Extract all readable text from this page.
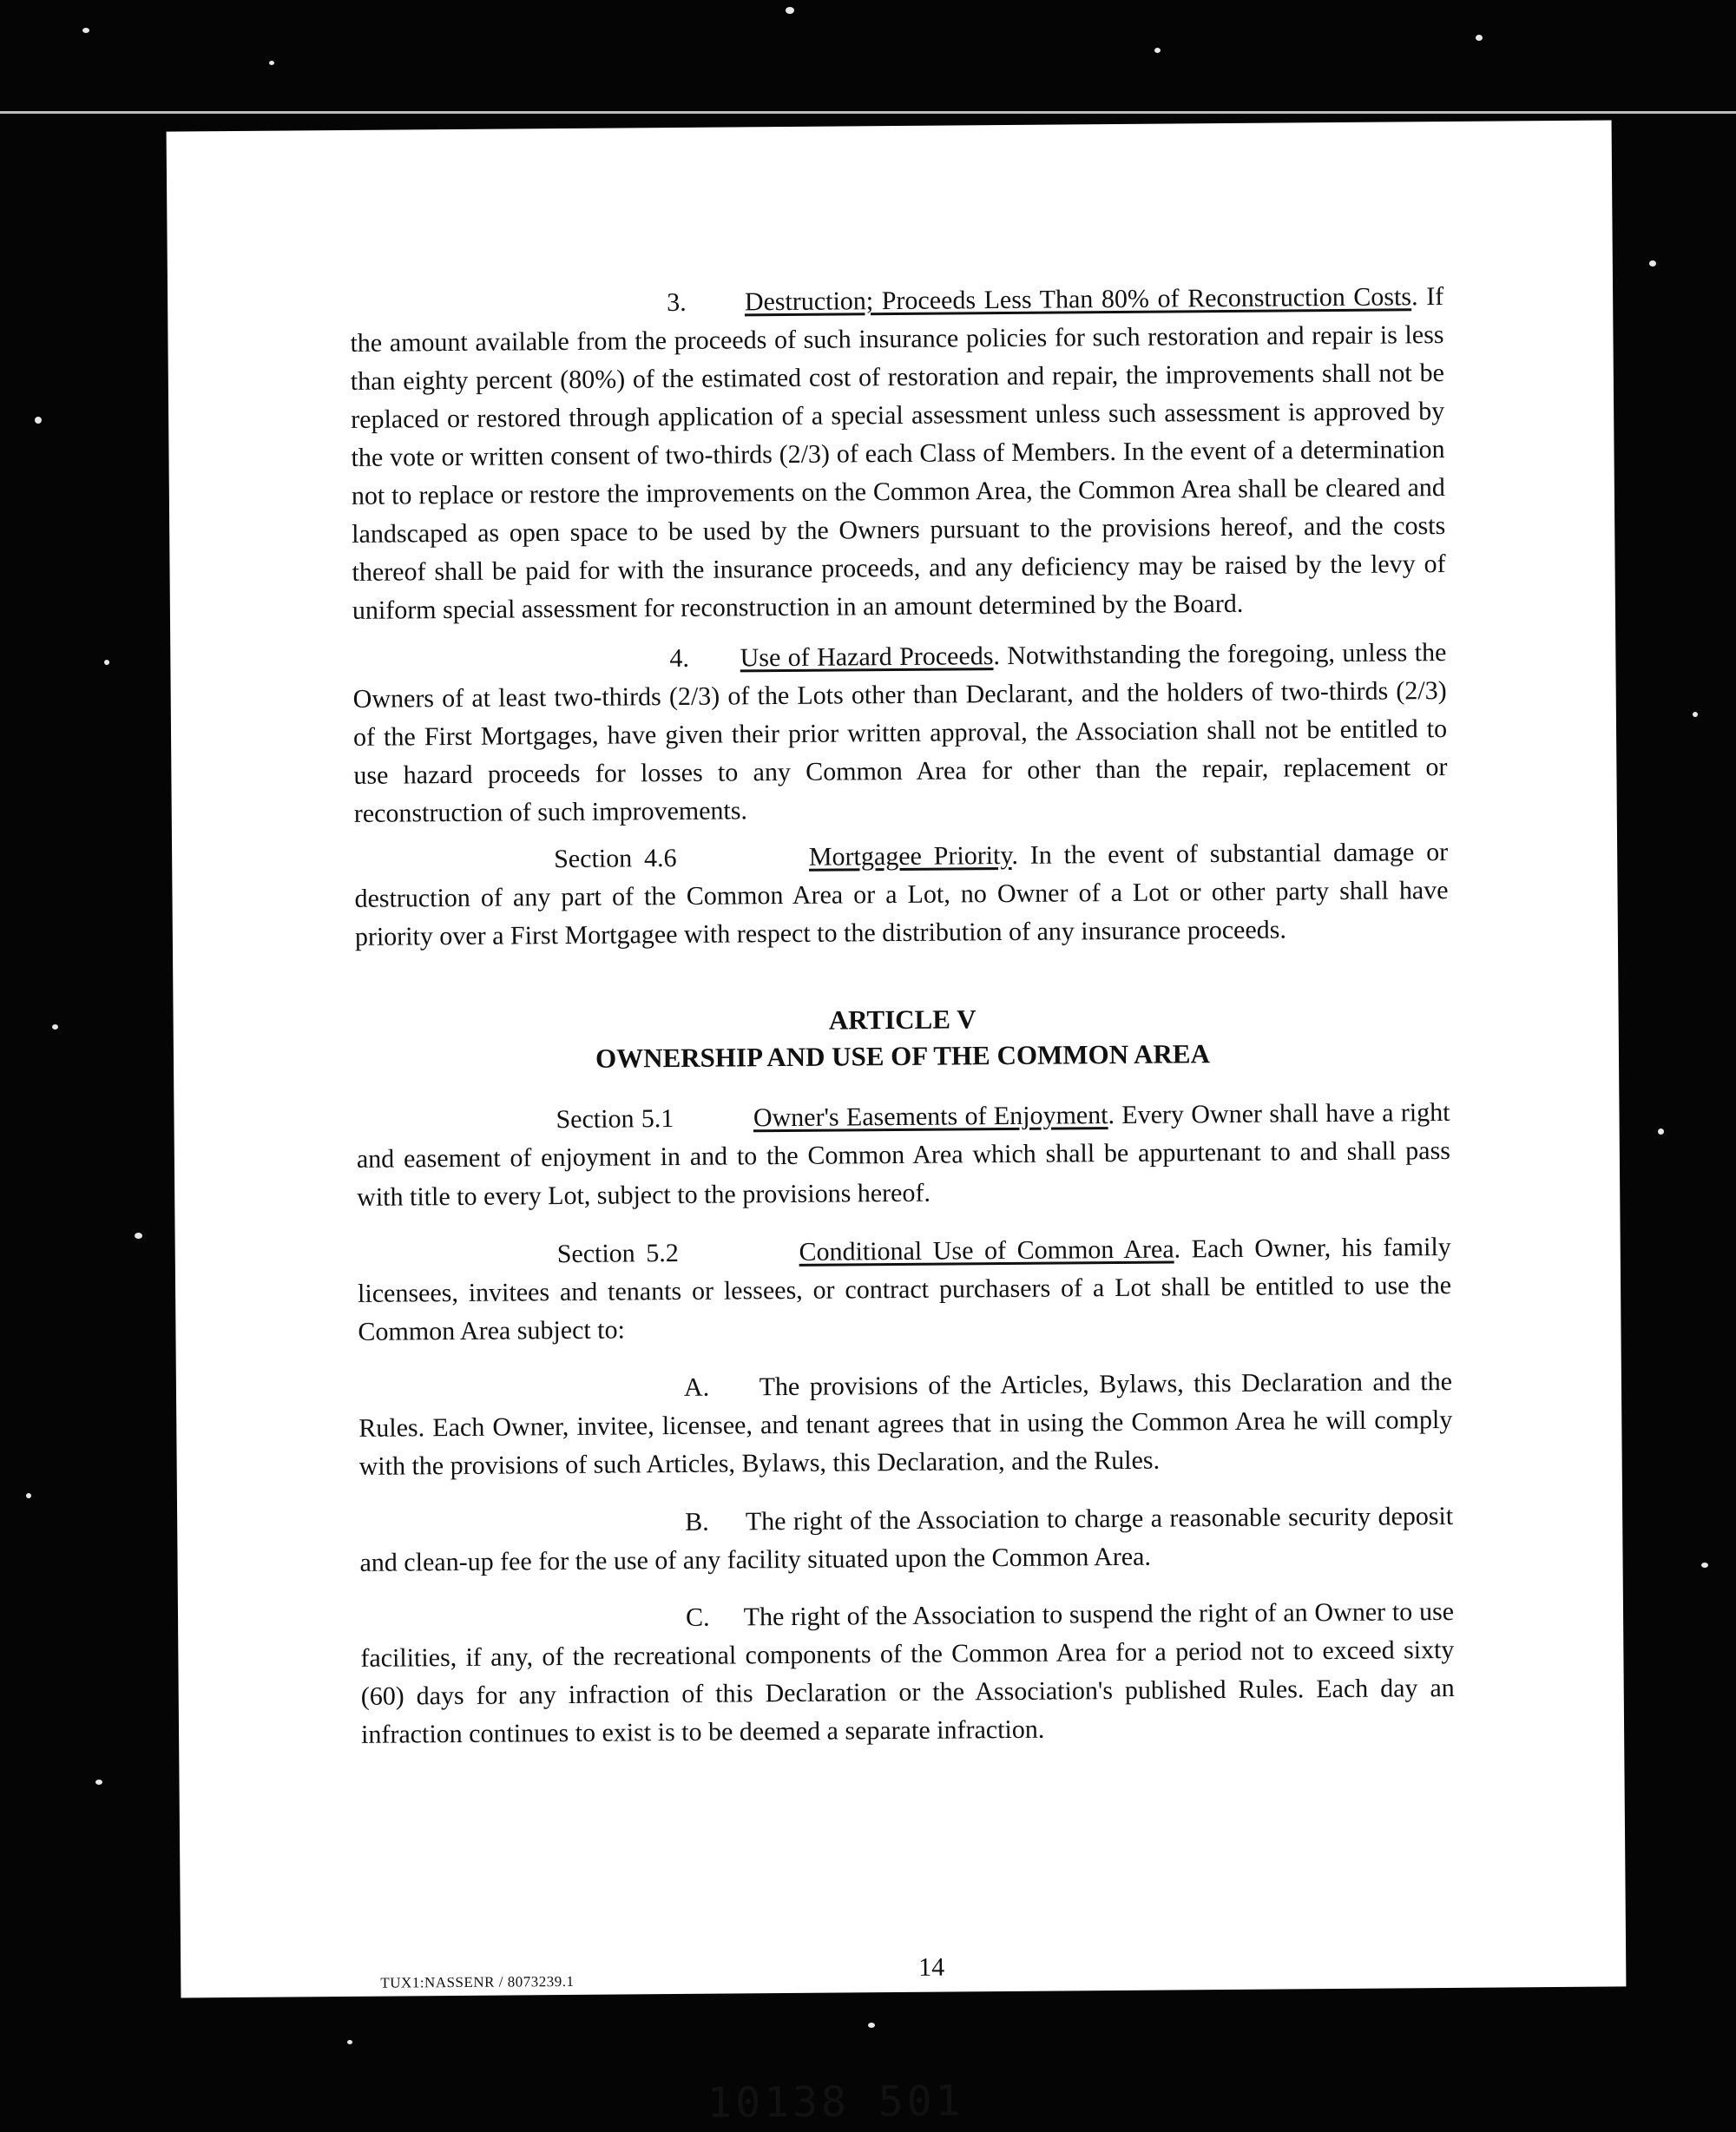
3. Destruction; Proceeds Less Than 80% of Reconstruction Costs. If the amount available from the proceeds of such insurance policies for such restoration and repair is less than eighty percent (80%) of the estimated cost of restoration and repair, the improvements shall not be replaced or restored through application of a special assessment unless such assessment is approved by the vote or written consent of two-thirds (2/3) of each Class of Members. In the event of a determination not to replace or restore the improvements on the Common Area, the Common Area shall be cleared and landscaped as open space to be used by the Owners pursuant to the provisions hereof, and the costs thereof shall be paid for with the insurance proceeds, and any deficiency may be raised by the levy of uniform special assessment for reconstruction in an amount determined by the Board.

4. Use of Hazard Proceeds. Notwithstanding the foregoing, unless the Owners of at least two-thirds (2/3) of the Lots other than Declarant, and the holders of two-thirds (2/3) of the First Mortgages, have given their prior written approval, the Association shall not be entitled to use hazard proceeds for losses to any Common Area for other than the repair, replacement or reconstruction of such improvements.

Section 4.6	Mortgagee Priority. In the event of substantial damage or destruction of any part of the Common Area or a Lot, no Owner of a Lot or other party shall have priority over a First Mortgagee with respect to the distribution of any insurance proceeds.

ARTICLE V

OWNERSHIP AND USE OF THE COMMON AREA

Section 5.1	Owner's Easements of Enjoyment. Every Owner shall have a right and easement of enjoyment in and to the Common Area which shall be appurtenant to and shall pass with title to every Lot, subject to the provisions hereof.

Section 5.2	Conditional Use of Common Area. Each Owner, his family licensees, invitees and tenants or lessees, or contract purchasers of a Lot shall be entitled to use the Common Area subject to:

A. The provisions of the Articles, Bylaws, this Declaration and the Rules. Each Owner, invitee, licensee, and tenant agrees that in using the Common Area he will comply with the provisions of such Articles, Bylaws, this Declaration, and the Rules.

B. The right of the Association to charge a reasonable security deposit and clean-up fee for the use of any facility situated upon the Common Area.

C. The right of the Association to suspend the right of an Owner to use facilities, if any, of the recreational components of the Common Area for a period not to exceed sixty (60) days for any infraction of this Declaration or the Association's published Rules. Each day an infraction continues to exist is to be deemed a separate infraction.

TUX1:NASSENR / 8073239.1
14
10138 501
